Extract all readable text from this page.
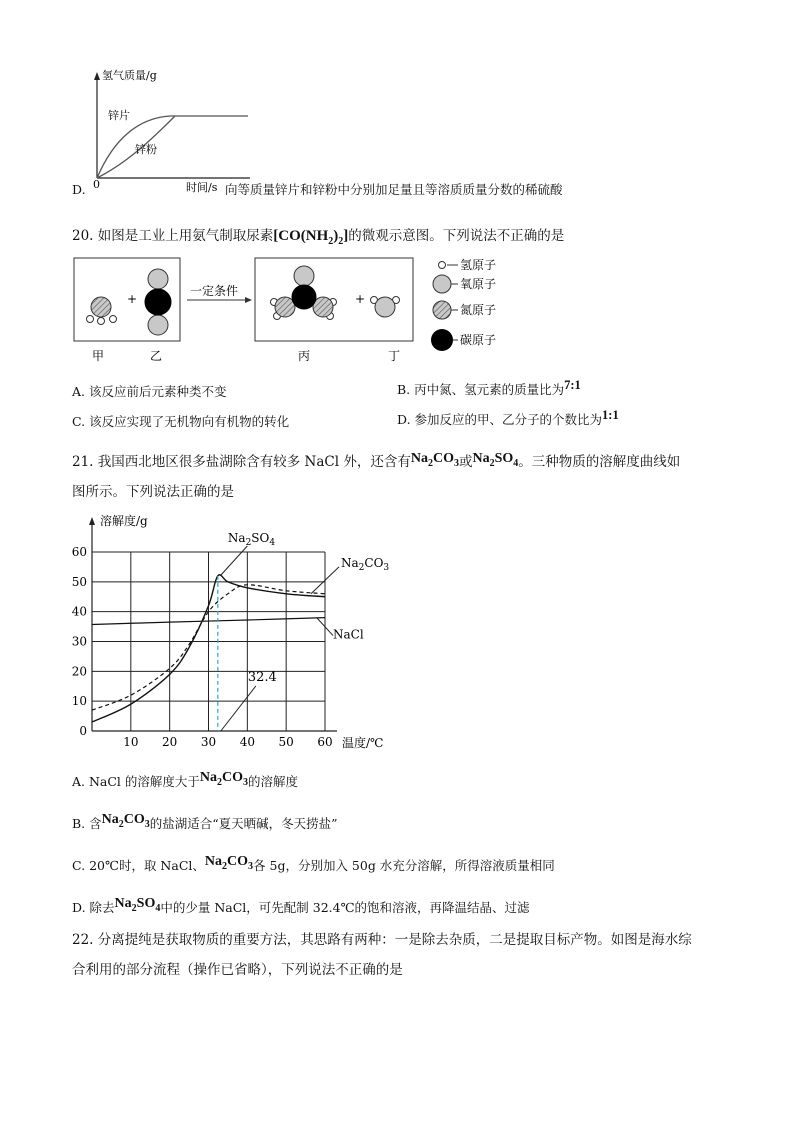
氢气质量/g
锌片
锌粉
0	时间/s
D.	向等质量锌片和锌粉中分别加足量且等溶质质量分数的稀硫酸
20. 如图是工业上用氨气制取尿素$[CO(NH_2)_2]$的微观示意图。下列说法不正确的是
+
一定条件
+
甲	乙	丙	丁
氢原子
氧原子
氮原子
碳原子
A. 该反应前后元素种类不变	B. 丙中氮、氢元素的质量比为7:1
C. 该反应实现了无机物向有机物的转化	D. 参加反应的甲、乙分子的个数比为1:1
21. 我国西北地区很多盐湖除含有较多 NaCl 外，还含有$Na_2CO_3$或$Na_2SO_4$。三种物质的溶解度曲线如
图所示。下列说法正确的是
0
10
20
30
40
50
60
10 20 30 40 50 60
溶解度/g
温度/℃
32.4
$Na_2SO_4$
$Na_2CO_3$
NaCl
A. NaCl 的溶解度大于$Na_2CO_3$的溶解度
B. 含$Na_2CO_3$的盐湖适合“夏天晒碱，冬天捞盐”
C. 20℃时，取 NaCl、$Na_2CO_3$各 5g，分别加入 50g 水充分溶解，所得溶液质量相同
D. 除去$Na_2SO_4$中的少量 NaCl，可先配制 32.4℃的饱和溶液，再降温结晶、过滤
22. 分离提纯是获取物质的重要方法，其思路有两种：一是除去杂质，二是提取目标产物。如图是海水综
合利用的部分流程（操作已省略），下列说法不正确的是
